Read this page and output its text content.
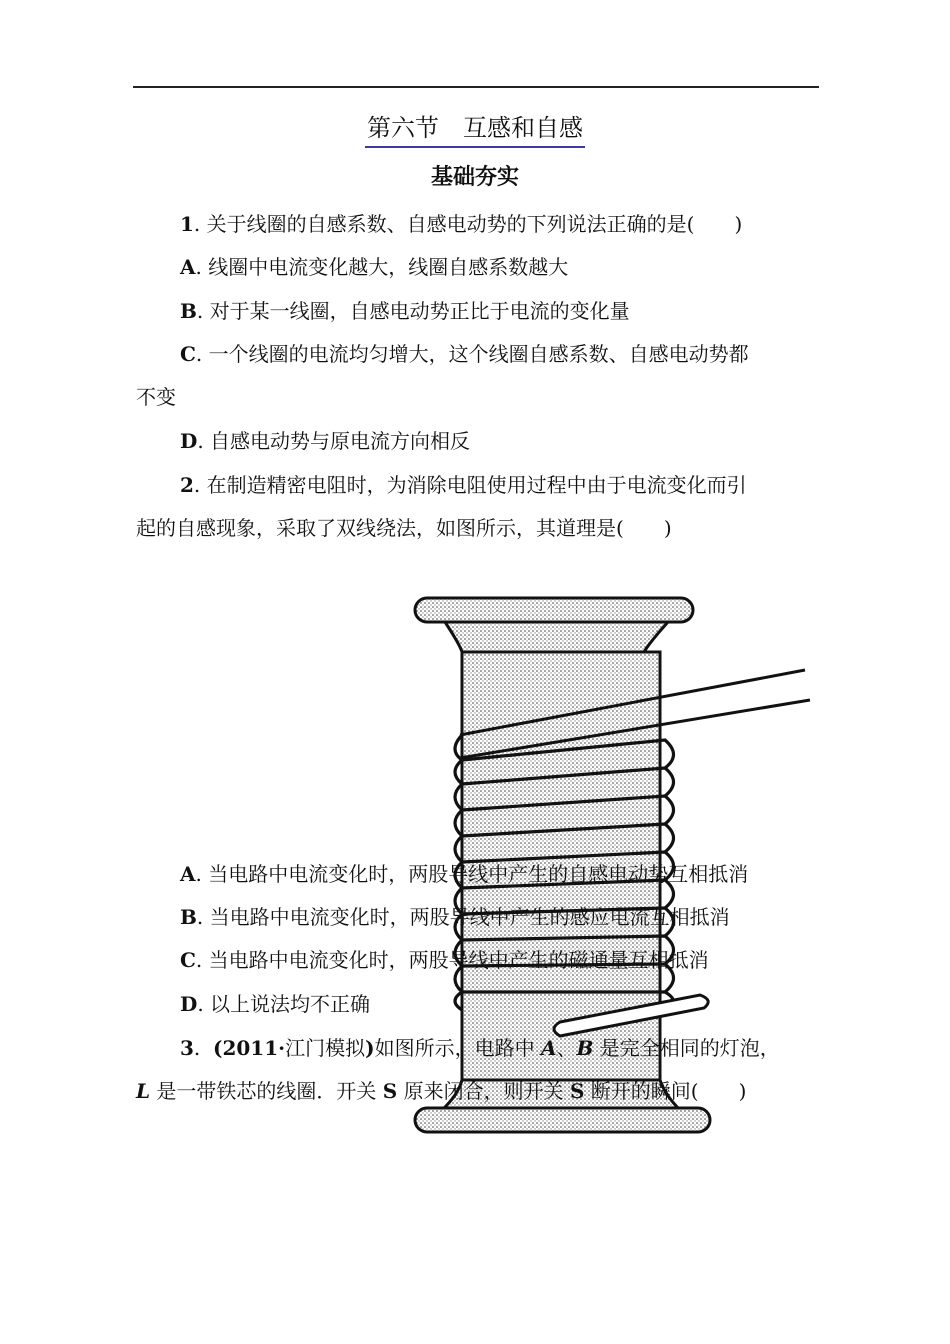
第六节　互感和自感
基础夯实
1. 关于线圈的自感系数、自感电动势的下列说法正确的是( )
A. 线圈中电流变化越大，线圈自感系数越大
B. 对于某一线圈，自感电动势正比于电流的变化量
C. 一个线圈的电流均匀增大，这个线圈自感系数、自感电动势都
不变
D. 自感电动势与原电流方向相反
2. 在制造精密电阻时，为消除电阻使用过程中由于电流变化而引
起的自感现象，采取了双线绕法，如图所示，其道理是( )
A. 当电路中电流变化时，两股导线中产生的自感电动势互相抵消
B. 当电路中电流变化时，两股导线中产生的感应电流互相抵消
C. 当电路中电流变化时，两股导线中产生的磁通量互相抵消
D. 以上说法均不正确
3.  (2011·江门模拟)如图所示，电路中 A、B 是完全相同的灯泡，
L 是一带铁芯的线圈．开关 S 原来闭合，则开关 S 断开的瞬间( )
